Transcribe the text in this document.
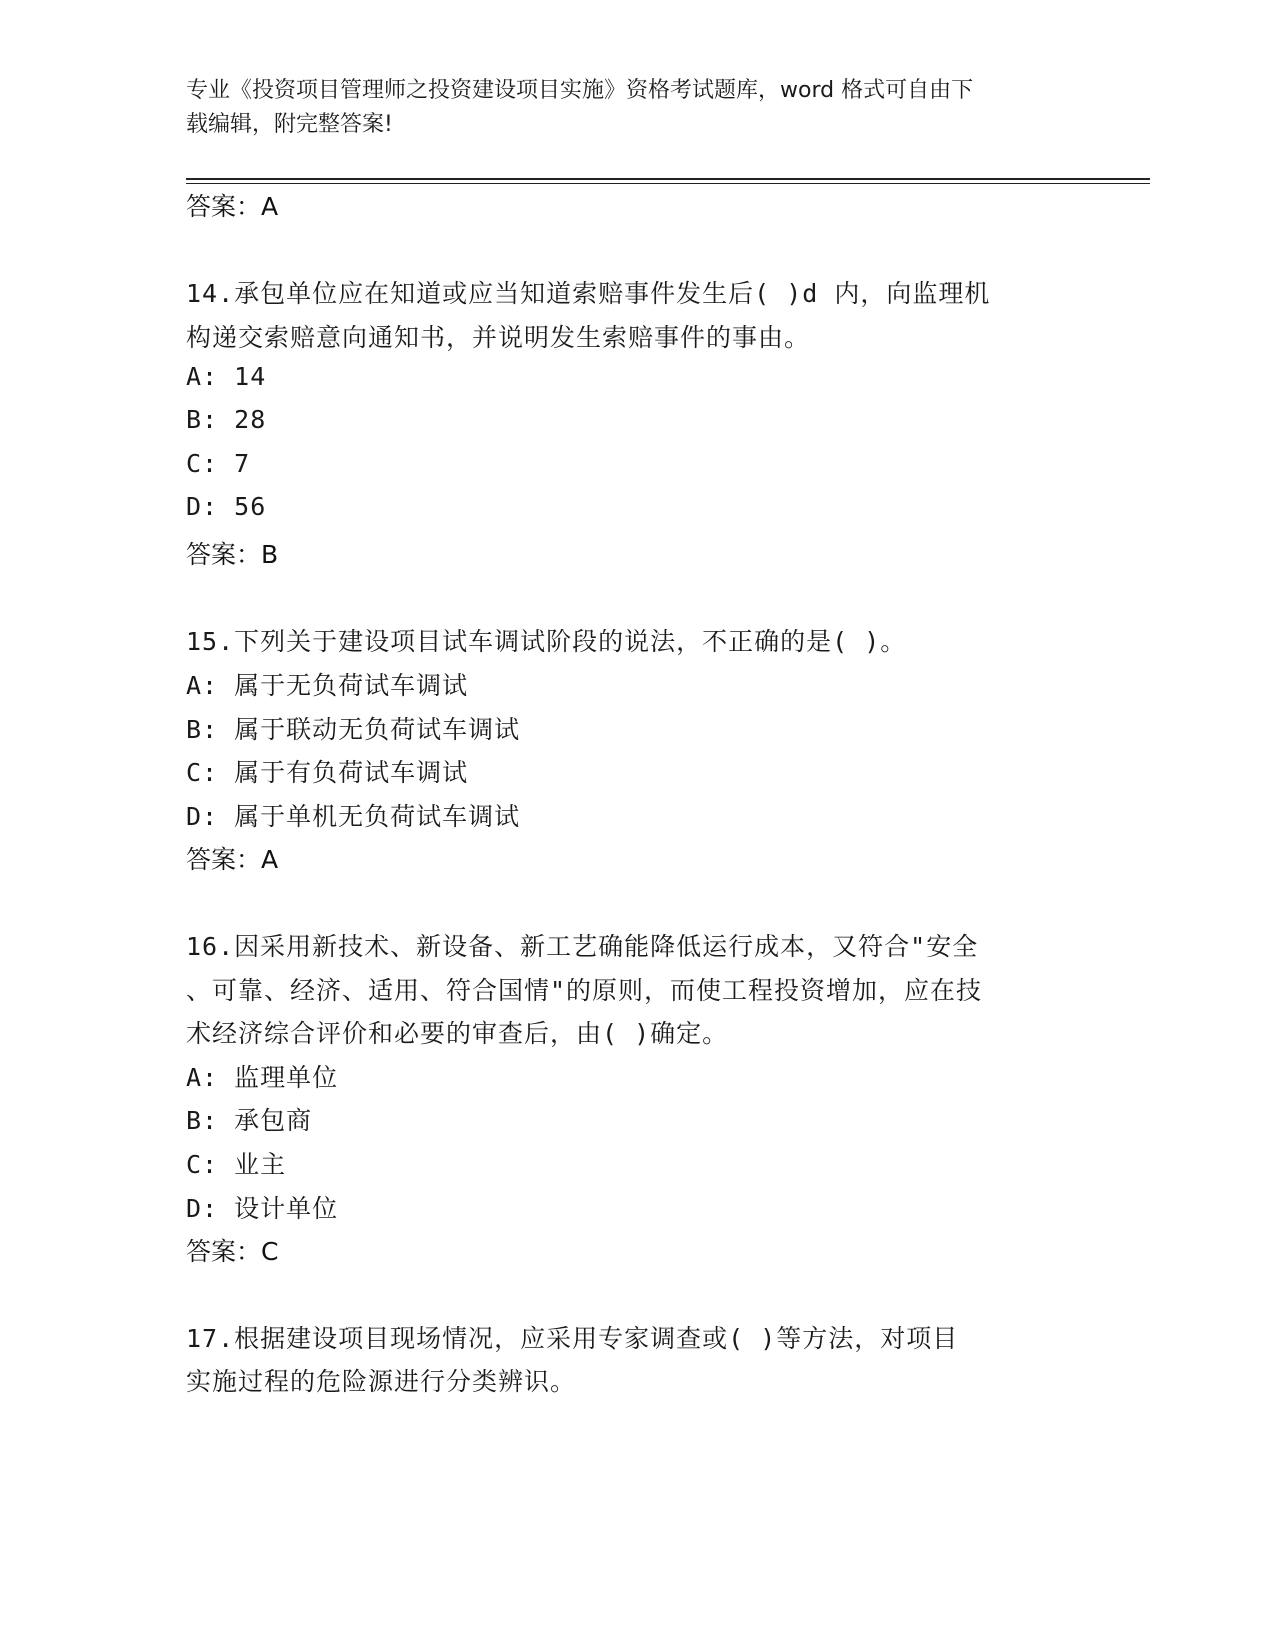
专业《投资项目管理师之投资建设项目实施》资格考试题库，word 格式可自由下
载编辑，附完整答案!
答案：A
14.承包单位应在知道或应当知道索赔事件发生后( )d 内，向监理机
构递交索赔意向通知书，并说明发生索赔事件的事由。
A: 14
B: 28
C: 7
D: 56
答案：B
15.下列关于建设项目试车调试阶段的说法，不正确的是( )。
A: 属于无负荷试车调试
B: 属于联动无负荷试车调试
C: 属于有负荷试车调试
D: 属于单机无负荷试车调试
答案：A
16.因采用新技术、新设备、新工艺确能降低运行成本，又符合"安全
、可靠、经济、适用、符合国情"的原则，而使工程投资增加，应在技
术经济综合评价和必要的审查后，由( )确定。
A: 监理单位
B: 承包商
C: 业主
D: 设计单位
答案：C
17.根据建设项目现场情况，应采用专家调查或( )等方法，对项目
实施过程的危险源进行分类辨识。
